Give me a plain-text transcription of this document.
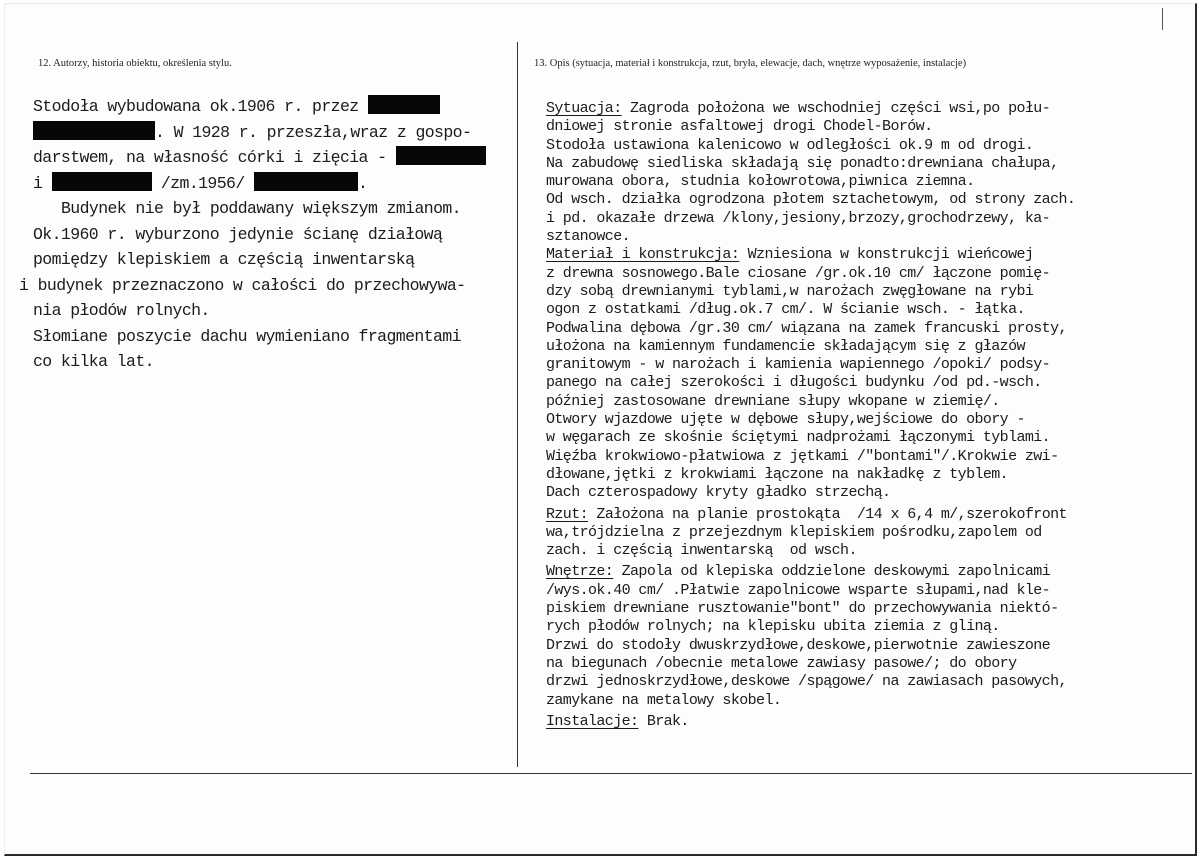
12. Autorzy, historia obiektu, określenia stylu.	13. Opis (sytuacja, materiał i konstrukcja, rzut, bryła, elewacje, dach, wnętrze wyposażenie, instalacje)
Stodoła wybudowana ok.1906 r. przez
. W 1928 r. przeszła,wraz z gospo-
darstwem, na własność córki i zięcia -
i	/zm.1956/	.
Budynek nie był poddawany większym zmianom.
Ok.1960 r. wyburzono jedynie ścianę działową
pomiędzy klepiskiem a częścią inwentarską
i budynek przeznaczono w całości do przechowywa-
nia płodów rolnych.
Słomiane poszycie dachu wymieniano fragmentami
co kilka lat.
Sytuacja: Zagroda położona we wschodniej części wsi,po połu-
dniowej stronie asfaltowej drogi Chodel-Borów.
Stodoła ustawiona kalenicowo w odległości ok.9 m od drogi.
Na zabudowę siedliska składają się ponadto:drewniana chałupa,
murowana obora, studnia kołowrotowa,piwnica ziemna.
Od wsch. działka ogrodzona płotem sztachetowym, od strony zach.
i pd. okazałe drzewa /klony,jesiony,brzozy,grochodrzewy, ka-
sztanowce.
Materiał i konstrukcja: Wzniesiona w konstrukcji wieńcowej
z drewna sosnowego.Bale ciosane /gr.ok.10 cm/ łączone pomię-
dzy sobą drewnianymi tyblami,w narożach zwęgłowane na rybi
ogon z ostatkami /dług.ok.7 cm/. W ścianie wsch. - łątka.
Podwalina dębowa /gr.30 cm/ wiązana na zamek francuski prosty,
ułożona na kamiennym fundamencie składającym się z głazów
granitowym - w narożach i kamienia wapiennego /opoki/ podsy-
panego na całej szerokości i długości budynku /od pd.-wsch.
później zastosowane drewniane słupy wkopane w ziemię/.
Otwory wjazdowe ujęte w dębowe słupy,wejściowe do obory -
w węgarach ze skośnie ściętymi nadprożami łączonymi tyblami.
Więźba krokwiowo-płatwiowa z jętkami /"bontami"/.Krokwie zwi-
dłowane,jętki z krokwiami łączone na nakładkę z tyblem.
Dach czterospadowy kryty gładko strzechą.
Rzut: Założona na planie prostokąta  /14 x 6,4 m/,szerokofront
wa,trójdzielna z przejezdnym klepiskiem pośrodku,zapolem od
zach. i częścią inwentarską  od wsch.
Wnętrze: Zapola od klepiska oddzielone deskowymi zapolnicami
/wys.ok.40 cm/ .Płatwie zapolnicowe wsparte słupami,nad kle-
piskiem drewniane rusztowanie"bont" do przechowywania niektó-
rych płodów rolnych; na klepisku ubita ziemia z gliną.
Drzwi do stodoły dwuskrzydłowe,deskowe,pierwotnie zawieszone
na biegunach /obecnie metalowe zawiasy pasowe/; do obory
drzwi jednoskrzydłowe,deskowe /spągowe/ na zawiasach pasowych,
zamykane na metalowy skobel.
Instalacje: Brak.
